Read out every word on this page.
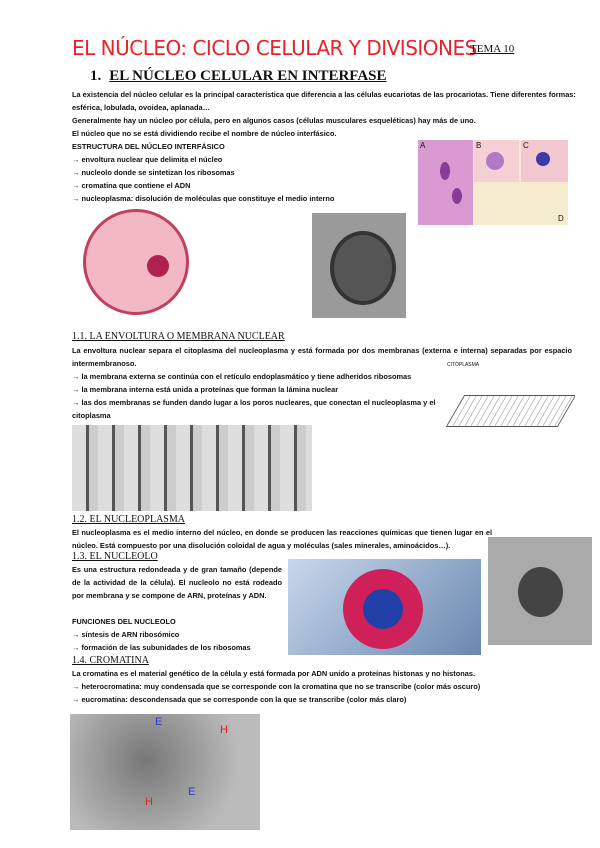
EL NÚCLEO: CICLO CELULAR Y DIVISIONES
TEMA 10
1. EL NÚCLEO CELULAR EN INTERFASE
La existencia del núcleo celular es la principal característica que diferencia a las células eucariotas de las procariotas. Tiene diferentes formas: esférica, lobulada, ovoidea, aplanada…
Generalmente hay un núcleo por célula, pero en algunos casos (células musculares esqueléticas) hay más de uno.
El núcleo que no se está dividiendo recibe el nombre de núcleo interfásico.
ESTRUCTURA DEL NÚCLEO INTERFÁSICO
→ envoltura nuclear que delimita el núcleo
→ nucleolo donde se sintetizan los ribosomas
→ cromatina que contiene el ADN
→ nucleoplasma: disolución de moléculas que constituye el medio interno
A	B	C
D
1.1. LA ENVOLTURA O MEMBRANA NUCLEAR
La envoltura nuclear separa el citoplasma del nucleoplasma y está formada por dos membranas (externa e interna) separadas por espacio intermembranoso.
→ la membrana externa se continúa con el retículo endoplasmático y tiene adheridos ribosomas
→ la membrana interna está unida a proteínas que forman la lámina nuclear
→ las dos membranas se funden dando lugar a los poros nucleares, que conectan el nucleoplasma y el citoplasma
CITOPLASMA
1.2. EL NUCLEOPLASMA
El nucleoplasma es el medio interno del núcleo, en donde se producen las reacciones químicas que tienen lugar en el núcleo. Está compuesto por una disolución coloidal de agua y moléculas (sales minerales, aminoácidos…).
1.3. EL NUCLEOLO
Es una estructura redondeada y de gran tamaño (depende de la actividad de la célula). El nucleolo no está rodeado por membrana y se compone de ARN, proteínas y ADN.
FUNCIONES DEL NUCLEOLO
→ síntesis de ARN ribosómico
→ formación de las subunidades de los ribosomas
1.4. CROMATINA
La cromatina es el material genético de la célula y está formada por ADN unido a proteínas histonas y no histonas.
→ heterocromatina: muy condensada que se corresponde con la cromatina que no se transcribe (color más oscuro)
→ eucromatina: descondensada que se corresponde con la que se transcribe (color más claro)
E
H
H
E
